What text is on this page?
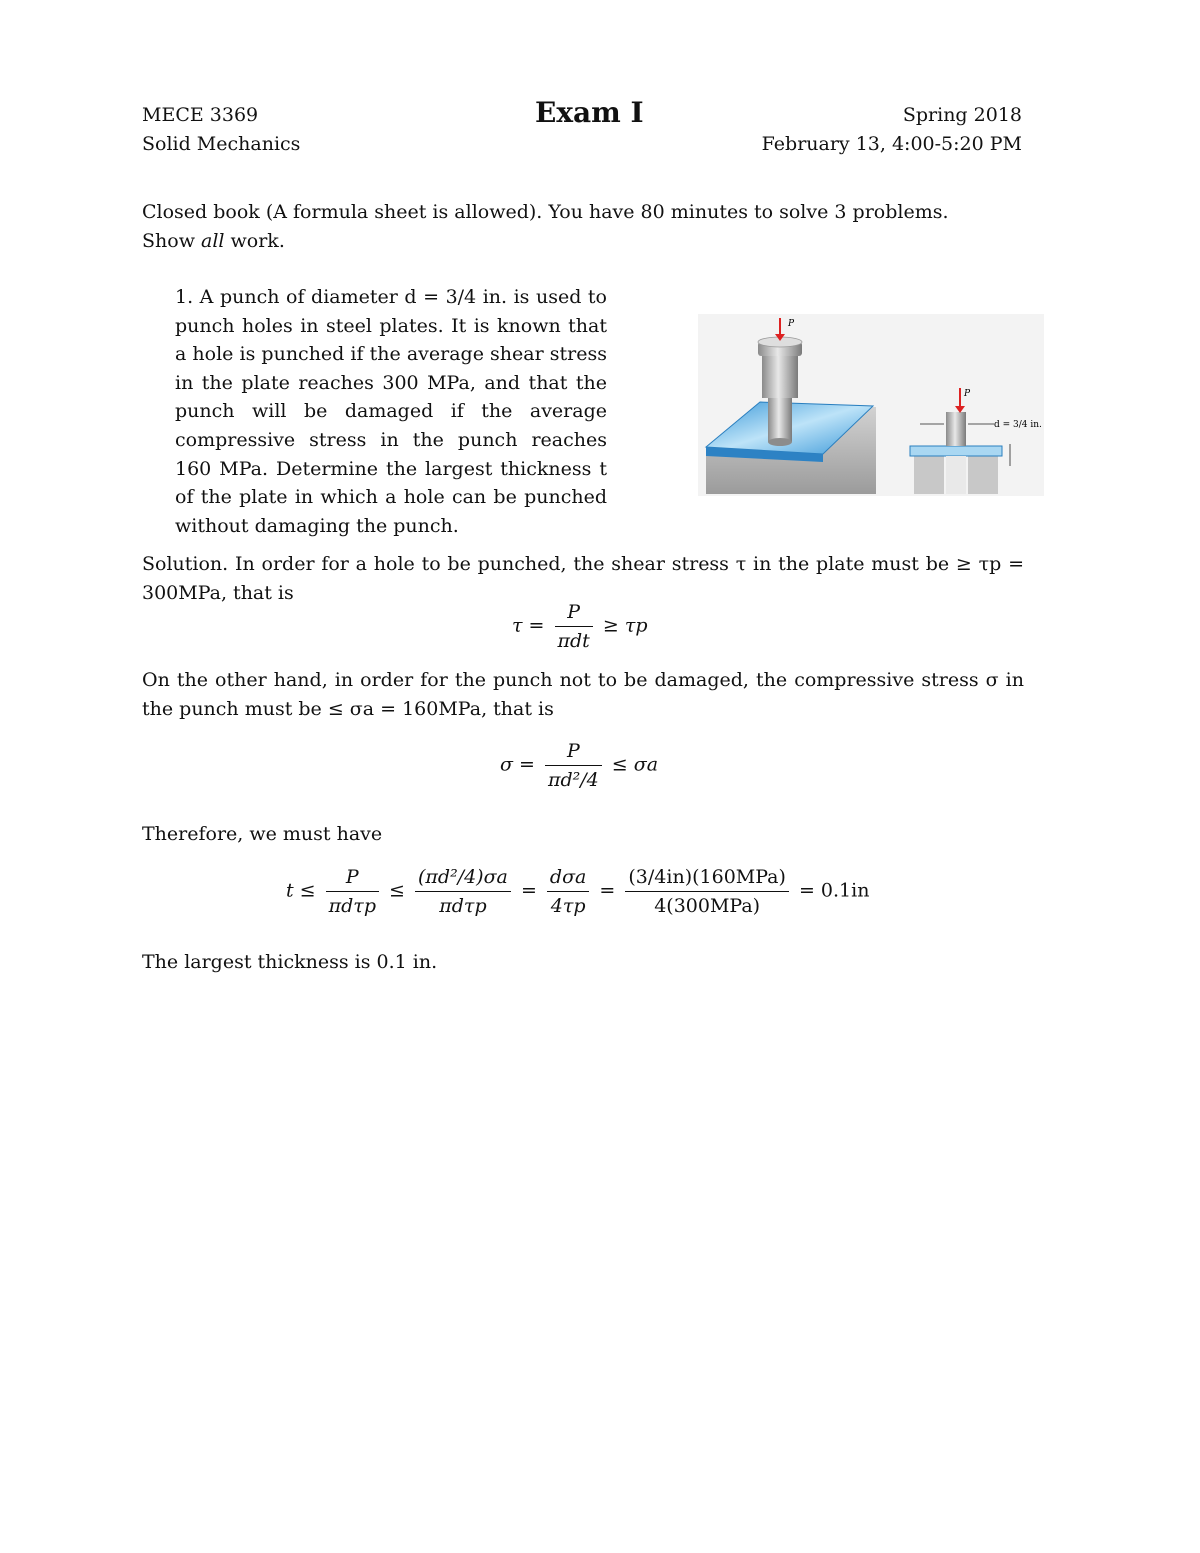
MECE 3369
Solid Mechanics
Exam I	Spring 2018
February 13, 4:00-5:20 PM
Closed book (A formula sheet is allowed). You have 80 minutes to solve 3 problems.
Show all work.
1. A punch of diameter d = 3/4 in. is used to punch holes in steel plates. It is known that a hole is punched if the average shear stress in the plate reaches 300 MPa, and that the punch will be damaged if the average compressive stress in the punch reaches 160 MPa. Determine the largest thickness t of the plate in which a hole can be punched without damaging the punch.
P
P
d = 3/4 in.
Solution. In order for a hole to be punched, the shear stress τ in the plate must be ≥ τp = 300MPa, that is
$\tau = \frac{P}{\text{πdt}} \ge \tau p$
On the other hand, in order for the punch not to be damaged, the compressive stress σ in the punch must be ≤ σa = 160MPa, that is
$\sigma = \frac{P}{\text{πd²/4}} \le \sigma a$
Therefore, we must have
$t \le \frac{P}{\text{πdτp}} \le \frac{\text{(πd²/4)σa}}{\text{πdτp}} = \frac{\text{dσa}}{4\tau p} = \frac{\text{(3/4in)(160MPa)}}{\text{4(300MPa)}} = 0.1in$
The largest thickness is 0.1 in.
